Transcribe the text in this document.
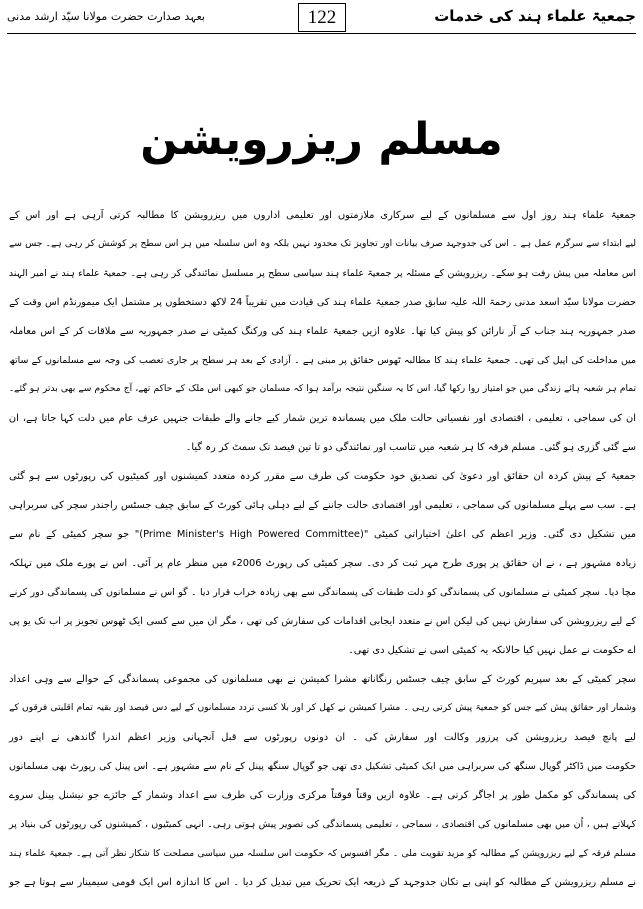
جمعیۃ علماء ہند کی خدمات
122
بعہد صدارت حضرت مولانا سیّد ارشد مدنی
مسلم ریزرویشن
جمعیۃ علماء ہند روز اول سے مسلمانوں کے لیے سرکاری ملازمتوں اور تعلیمی اداروں میں ریزرویشن کا مطالبہ کرتی آرہی ہے اور اس کے
لیے ابتداء سے سرگرم عمل ہے ۔ اس کی جدوجہد صرف بیانات اور تجاویز تک محدود نہیں بلکہ وہ اس سلسلہ میں ہر اس سطح پر کوشش کر رہی ہے۔ جس سے
اس معاملہ میں پیش رفت ہو سکے۔ ریزرویشن کے مسئلہ پر جمعیۃ علماء ہند سیاسی سطح پر مسلسل نمائندگی کر رہی ہے۔ جمعیۃ علماء ہند نے امیر الہند
حضرت مولانا سیّد اسعد مدنی رحمۃ اللہ علیہ سابق صدر جمعیۃ علماء ہند کی قیادت میں تقریباً 24 لاکھ دستخطوں پر مشتمل ایک میمورنڈم اس وقت کے
صدر جمہوریہ ہند جناب کے آر نارائن کو پیش کیا تھا۔ علاوہ ازیں جمعیۃ علماء ہند کی ورکنگ کمیٹی نے صدر جمہوریہ سے ملاقات کر کے اس معاملہ
میں مداخلت کی اپیل کی تھی۔ جمعیۃ علماء ہند کا مطالبہ ٹھوس حقائق پر مبنی ہے ۔ آزادی کے بعد ہر سطح پر جاری تعصب کی وجہ سے مسلمانوں کے ساتھ
تمام ہر شعبہ ہائے زندگی میں جو امتیاز روا رکھا گیا، اس کا یہ سنگین نتیجہ برآمد ہوا کہ مسلمان جو کبھی اس ملک کے حاکم تھے، آج محکوم سے بھی بدتر ہو گئے۔
ان کی سماجی ، تعلیمی ، اقتصادی اور نفسیاتی حالت ملک میں پسماندہ ترین شمار کیے جانے والے طبقات جنہیں عرف عام میں دلت کہا جاتا ہے، ان
سے گئی گزری ہو گئی۔ مسلم فرقہ کا ہر شعبہ میں تناسب اور نمائندگی دو تا تین فیصد تک سمٹ کر رہ گیا۔
جمعیۃ کے پیش کردہ ان حقائق اور دعویٰ کی تصدیق خود حکومت کی طرف سے مقرر کردہ متعدد کمیشنوں اور کمیٹیوں کی رپورٹوں سے ہو گئی
ہے۔ سب سے پہلے مسلمانوں کی سماجی ، تعلیمی اور اقتصادی حالت جاننے کے لیے دہلی ہائی کورٹ کے سابق چیف جسٹس راجندر سچر کی سربراہی
میں تشکیل دی گئی۔ وزیر اعظم کی اعلیٰ اختیاراتی کمیٹی "(Prime Minister's High Powered Committee)" جو سچر کمیٹی کے نام سے
زیادہ مشہور ہے ، نے ان حقائق پر پوری طرح مہر ثبت کر دی۔ سچر کمیٹی کی رپورٹ 2006ء میں منظر عام پر آئی۔ اس نے پورے ملک میں تہلکہ
مچا دیا۔ سچر کمیٹی نے مسلمانوں کی پسماندگی کو دلت طبقات کی پسماندگی سے بھی زیادہ خراب قرار دیا ۔ گو اس نے مسلمانوں کی پسماندگی دور کرنے
کے لیے ریزرویشن کی سفارش نہیں کی لیکن اس نے متعدد ایجابی اقدامات کی سفارش کی تھی ، مگر ان میں سے کسی ایک ٹھوس تجویز پر اب تک یو پی
اے حکومت نے عمل نہیں کیا حالانکہ یہ کمیٹی اسی نے تشکیل دی تھی۔
سچر کمیٹی کے بعد سپریم کورٹ کے سابق چیف جسٹس رنگاناتھ مشرا کمیشن نے بھی مسلمانوں کی مجموعی پسماندگی کے حوالے سے وہی اعداد
وشمار اور حقائق پیش کیے جس کو جمعیۃ پیش کرتی رہی ۔ مشرا کمیشن نے کھل کر اور بلا کسی تردد مسلمانوں کے لیے دس فیصد اور بقیہ تمام اقلیتی فرقوں کے
لیے پانچ فیصد ریزرویشن کی پرزور وکالت اور سفارش کی ۔ ان دونوں رپورٹوں سے قبل آنجہانی وزیر اعظم اندرا گاندھی نے اپنے دور
حکومت میں ڈاکٹر گوپال سنگھ کی سربراہی میں ایک کمیٹی تشکیل دی تھی جو گوپال سنگھ پینل کے نام سے مشہور ہے۔ اس پینل کی رپورٹ بھی مسلمانوں
کی پسماندگی کو مکمل طور پر اجاگر کرتی ہے۔ علاوہ ازیں وقتاً فوقتاً مرکزی وزارت کی طرف سے اعداد وشمار کے جائزے جو نیشنل پینل سروے
کہلاتے ہیں ، اُن میں بھی مسلمانوں کی اقتصادی ، سماجی ، تعلیمی پسماندگی کی تصویر پیش ہوتی رہی۔ انہی کمیٹیوں ، کمیشنوں کی رپورٹوں کی بنیاد پر
مسلم فرقہ کے لیے ریزرویشن کے مطالبہ کو مزید تقویت ملی ۔ مگر افسوس کہ حکومت اس سلسلہ میں سیاسی مصلحت کا شکار نظر آتی ہے۔ جمعیۃ علماء ہند
نے مسلم ریزرویشن کے مطالبہ کو اپنی بے تکان جدوجہد کے ذریعہ ایک تحریک میں تبدیل کر دیا ۔ اس کا اندازہ اس ایک قومی سیمینار سے ہوتا ہے جو
